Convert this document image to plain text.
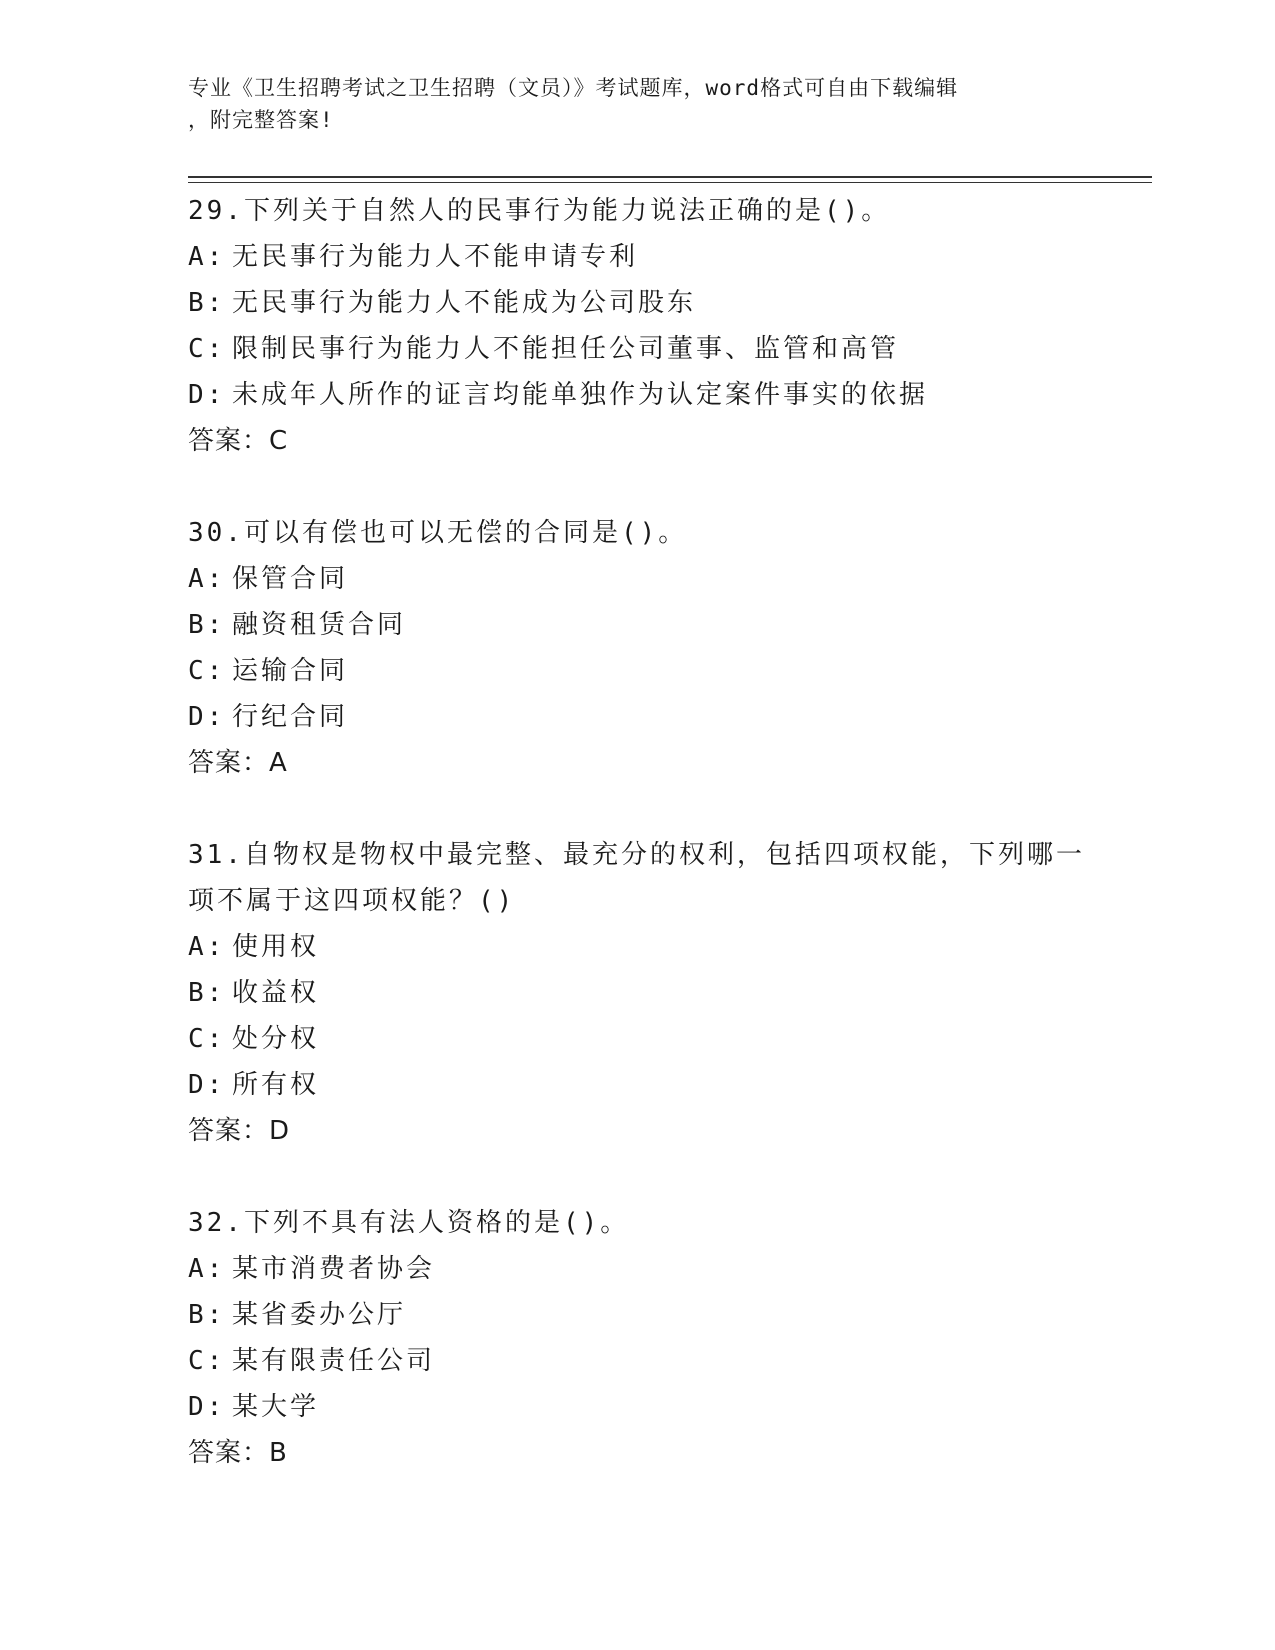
专业《卫生招聘考试之卫生招聘（文员）》考试题库，word格式可自由下载编辑
，附完整答案!
29.下列关于自然人的民事行为能力说法正确的是()。
A: 无民事行为能力人不能申请专利
B: 无民事行为能力人不能成为公司股东
C: 限制民事行为能力人不能担任公司董事、监管和高管
D: 未成年人所作的证言均能单独作为认定案件事实的依据
答案：C
30.可以有偿也可以无偿的合同是()。
A: 保管合同
B: 融资租赁合同
C: 运输合同
D: 行纪合同
答案：A
31.自物权是物权中最完整、最充分的权利，包括四项权能，下列哪一
项不属于这四项权能？()
A: 使用权
B: 收益权
C: 处分权
D: 所有权
答案：D
32.下列不具有法人资格的是()。
A: 某市消费者协会
B: 某省委办公厅
C: 某有限责任公司
D: 某大学
答案：B
